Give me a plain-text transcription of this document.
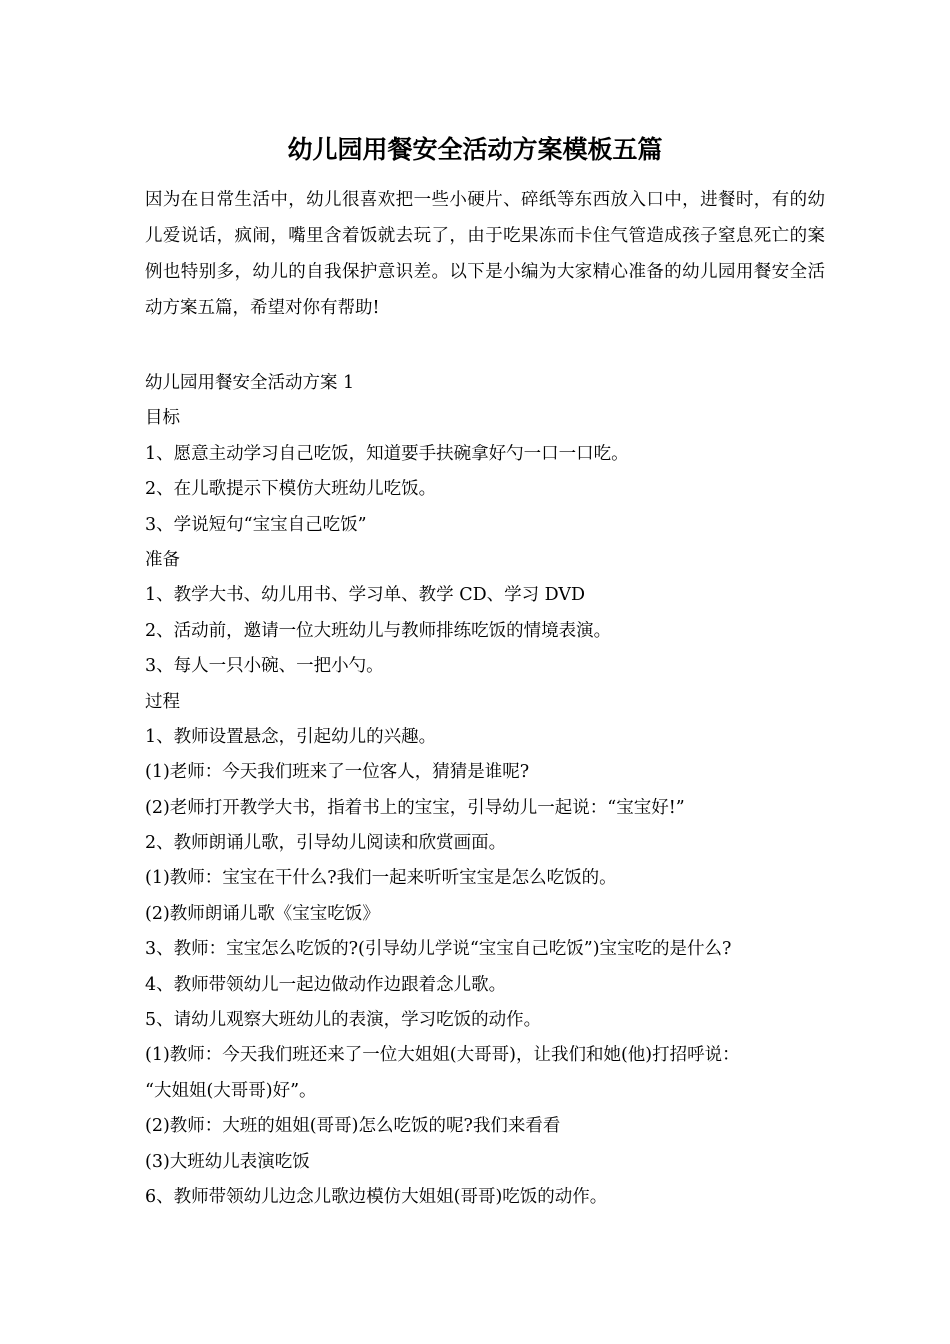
幼儿园用餐安全活动方案模板五篇

因为在日常生活中，幼儿很喜欢把一些小硬片、碎纸等东西放入口中，进餐时，有的幼儿爱说话，疯闹，嘴里含着饭就去玩了，由于吃果冻而卡住气管造成孩子窒息死亡的案例也特别多，幼儿的自我保护意识差。以下是小编为大家精心准备的幼儿园用餐安全活动方案五篇，希望对你有帮助!

幼儿园用餐安全活动方案 1
目标
1、愿意主动学习自己吃饭，知道要手扶碗拿好勺一口一口吃。
2、在儿歌提示下模仿大班幼儿吃饭。
3、学说短句“宝宝自己吃饭”
准备
1、教学大书、幼儿用书、学习单、教学 CD、学习 DVD
2、活动前，邀请一位大班幼儿与教师排练吃饭的情境表演。
3、每人一只小碗、一把小勺。
过程
1、教师设置悬念，引起幼儿的兴趣。
(1)老师：今天我们班来了一位客人，猜猜是谁呢?
(2)老师打开教学大书，指着书上的宝宝，引导幼儿一起说：“宝宝好!”
2、教师朗诵儿歌，引导幼儿阅读和欣赏画面。
(1)教师：宝宝在干什么?我们一起来听听宝宝是怎么吃饭的。
(2)教师朗诵儿歌《宝宝吃饭》
3、教师：宝宝怎么吃饭的?(引导幼儿学说“宝宝自己吃饭”)宝宝吃的是什么?
4、教师带领幼儿一起边做动作边跟着念儿歌。
5、请幼儿观察大班幼儿的表演，学习吃饭的动作。
(1)教师：今天我们班还来了一位大姐姐(大哥哥)，让我们和她(他)打招呼说：
“大姐姐(大哥哥)好”。
(2)教师：大班的姐姐(哥哥)怎么吃饭的呢?我们来看看
(3)大班幼儿表演吃饭
6、教师带领幼儿边念儿歌边模仿大姐姐(哥哥)吃饭的动作。
